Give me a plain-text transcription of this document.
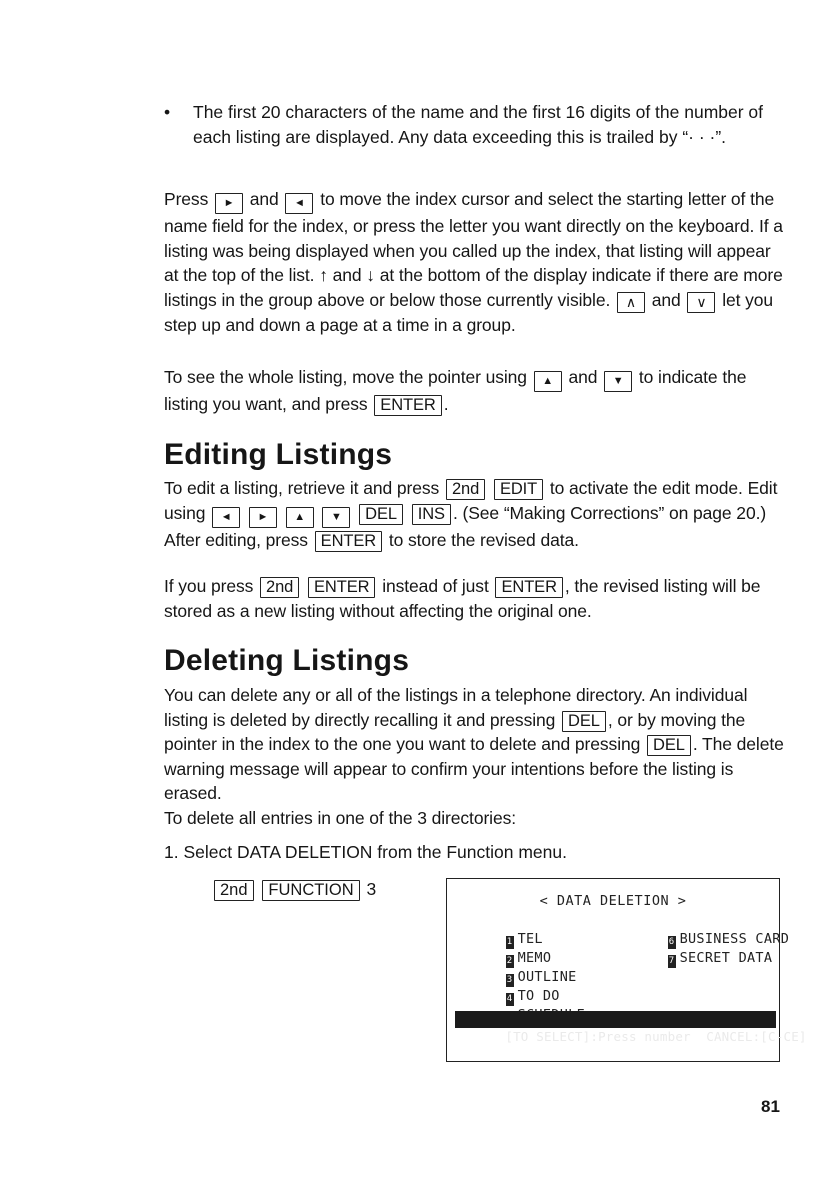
•	The first 20 characters of the name and the first 16 digits of the number of each listing are displayed. Any data exceeding this is trailed by “· · ·”.
Press ► and ◄ to move the index cursor and select the starting letter of the name field for the index, or press the letter you want directly on the keyboard. If a listing was being displayed when you called up the index, that listing will appear at the top of the list. ↑ and ↓ at the bottom of the display indicate if there are more listings in the group above or below those currently visible. ∧ and ∨ let you step up and down a page at a time in a group.
To see the whole listing, move the pointer using ▲ and ▼ to indicate the listing you want, and press ENTER .
Editing Listings
To edit a listing, retrieve it and press 2nd EDIT to activate the edit mode. Edit using ◄ ► ▲ ▼ DEL INS . (See “Making Corrections” on page 20.) After editing, press ENTER to store the revised data.
If you press 2nd ENTER instead of just ENTER , the revised listing will be stored as a new listing without affecting the original one.
Deleting Listings
You can delete any or all of the listings in a telephone directory. An individual listing is deleted by directly recalling it and pressing DEL , or by moving the pointer in the index to the one you want to delete and pressing DEL . The delete warning message will appear to confirm your intentions before the listing is erased.
To delete all entries in one of the 3 directories:
1. Select DATA DELETION from the Function menu.
2nd FUNCTION 3
< DATA DELETION >

1 TEL

2 MEMO

3 OUTLINE

4 TO DO

6 BUSINESS CARD

7 SECRET DATA

[TO SELECT]:Press number  CANCEL:[C-CE]

81
